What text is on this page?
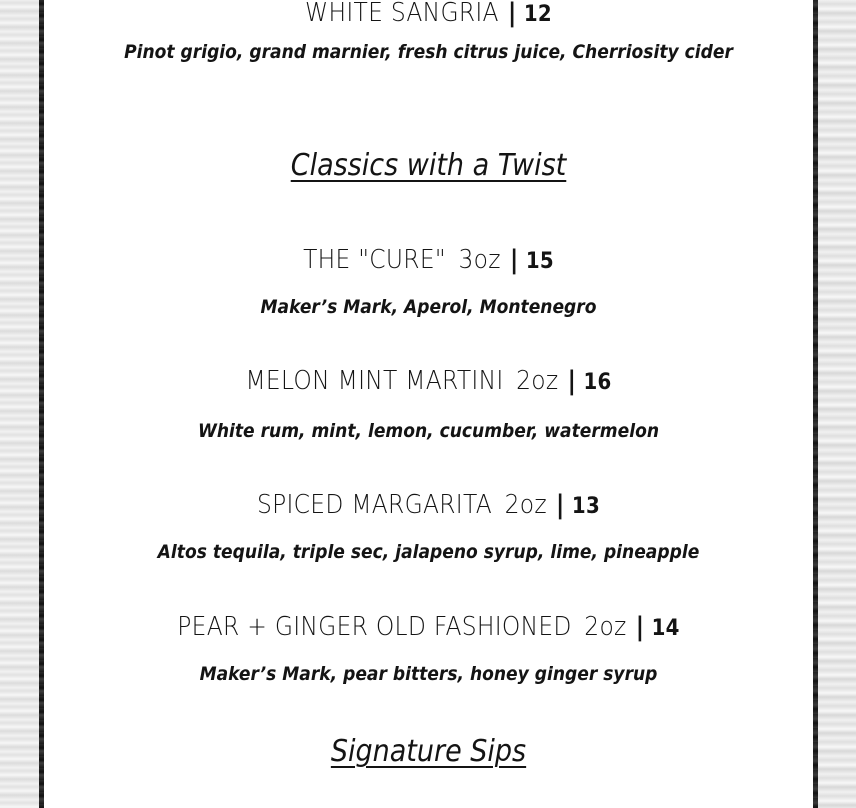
WHITE SANGRIA | 12
Pinot grigio, grand marnier, fresh citrus juice, Cherriosity cider
Classics with a Twist
THE "CURE" 3oz | 15
Maker’s Mark, Aperol, Montenegro
MELON MINT MARTINI 2oz | 16
White rum, mint, lemon, cucumber, watermelon
SPICED MARGARITA 2oz | 13
Altos tequila, triple sec, jalapeno syrup, lime, pineapple
PEAR + GINGER OLD FASHIONED 2oz | 14
Maker’s Mark, pear bitters, honey ginger syrup
Signature Sips
